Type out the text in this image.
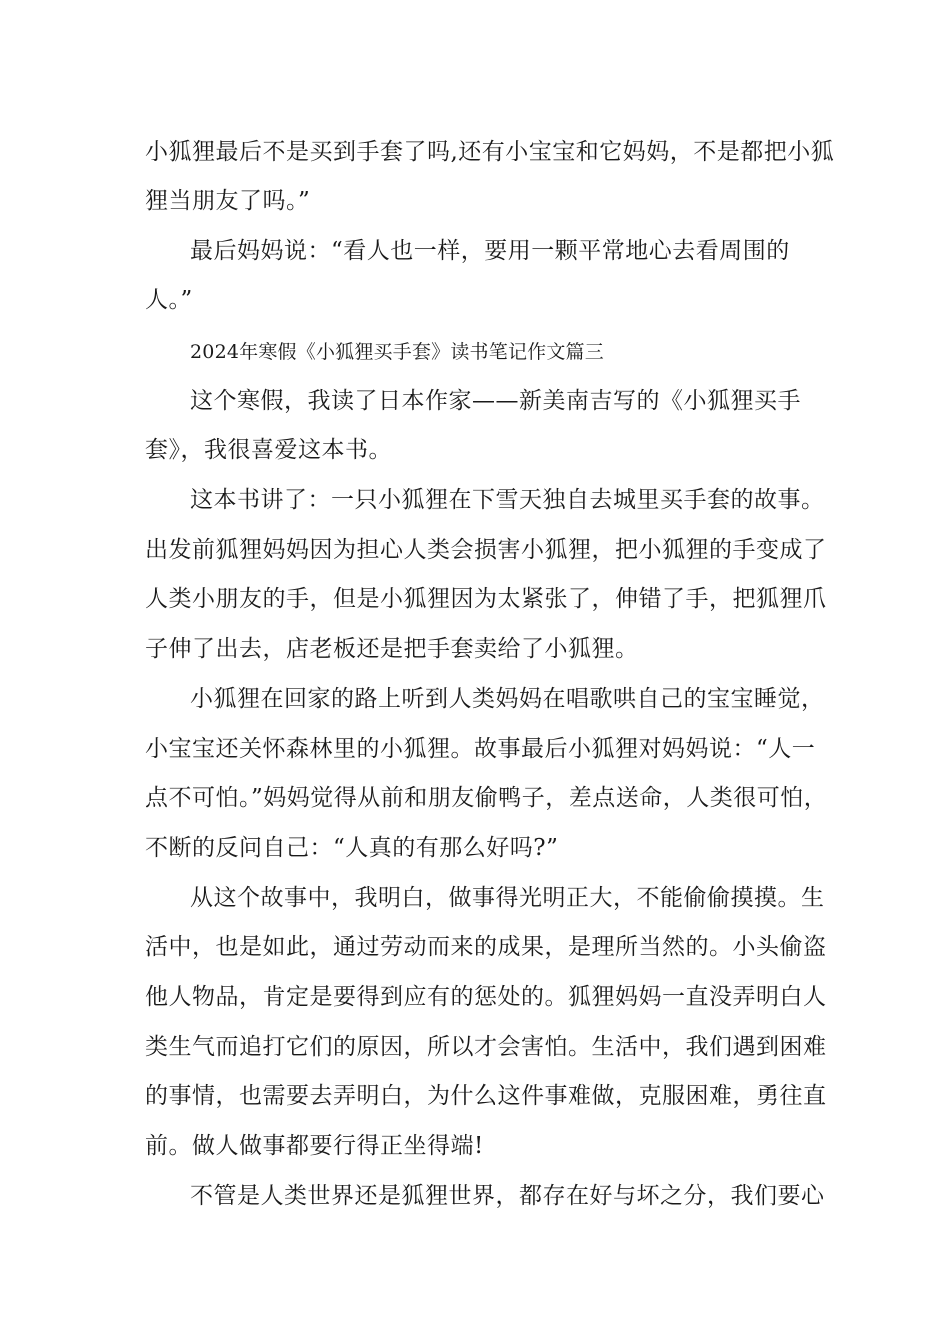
小狐狸最后不是买到手套了吗,还有小宝宝和它妈妈，不是都把小狐
狸当朋友了吗。”
最后妈妈说：“看人也一样，要用一颗平常地心去看周围的
人。”
2024年寒假《小狐狸买手套》读书笔记作文篇三
这个寒假，我读了日本作家——新美南吉写的《小狐狸买手
套》，我很喜爱这本书。
这本书讲了：一只小狐狸在下雪天独自去城里买手套的故事。
出发前狐狸妈妈因为担心人类会损害小狐狸，把小狐狸的手变成了
人类小朋友的手，但是小狐狸因为太紧张了，伸错了手，把狐狸爪
子伸了出去，店老板还是把手套卖给了小狐狸。
小狐狸在回家的路上听到人类妈妈在唱歌哄自己的宝宝睡觉，
小宝宝还关怀森林里的小狐狸。故事最后小狐狸对妈妈说：“人一
点不可怕。”妈妈觉得从前和朋友偷鸭子，差点送命，人类很可怕，
不断的反问自己：“人真的有那么好吗?”
从这个故事中，我明白，做事得光明正大，不能偷偷摸摸。生
活中，也是如此，通过劳动而来的成果，是理所当然的。小头偷盗
他人物品，肯定是要得到应有的惩处的。狐狸妈妈一直没弄明白人
类生气而追打它们的原因，所以才会害怕。生活中，我们遇到困难
的事情，也需要去弄明白，为什么这件事难做，克服困难，勇往直
前。做人做事都要行得正坐得端!
不管是人类世界还是狐狸世界，都存在好与坏之分，我们要心
